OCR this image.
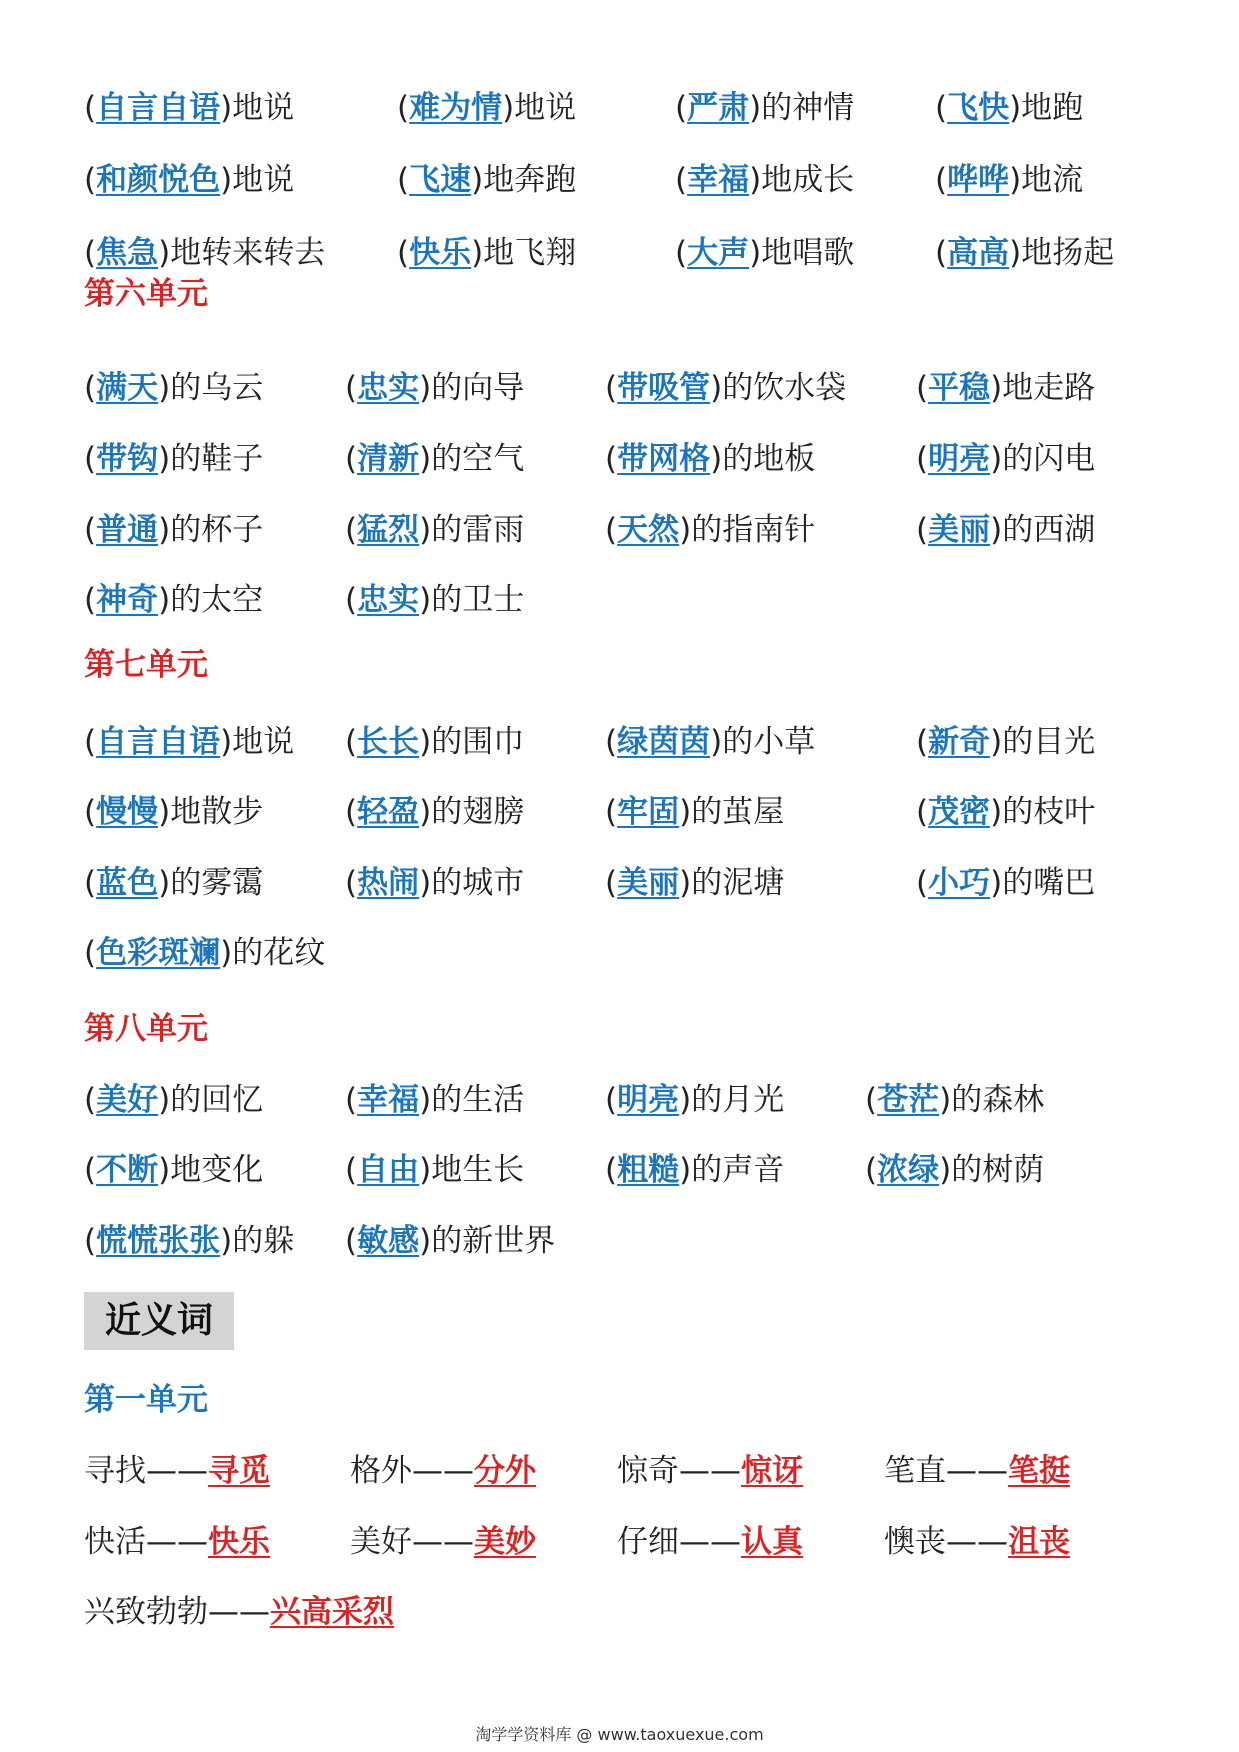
(自言自语)地说	(难为情)地说	(严肃)的神情	(飞快)地跑
(和颜悦色)地说	(飞速)地奔跑	(幸福)地成长	(哗哗)地流
(焦急)地转来转去 (快乐)地飞翔	(大声)地唱歌	(高高)地扬起
第六单元
(满天)的乌云	(忠实)的向导	(带吸管)的饮水袋 (平稳)地走路
(带钩)的鞋子	(清新)的空气	(带网格)的地板	(明亮)的闪电
(普通)的杯子	(猛烈)的雷雨	(天然)的指南针	(美丽)的西湖
(神奇)的太空	(忠实)的卫士
第七单元
(自言自语)地说 (长长)的围巾	(绿茵茵)的小草	(新奇)的目光
(慢慢)地散步	(轻盈)的翅膀	(牢固)的茧屋	(茂密)的枝叶
(蓝色)的雾霭	(热闹)的城市	(美丽)的泥塘	(小巧)的嘴巴
(色彩斑斓)的花纹
第八单元
(美好)的回忆	(幸福)的生活	(明亮)的月光	(苍茫)的森林
(不断)地变化	(自由)地生长	(粗糙)的声音	(浓绿)的树荫
(慌慌张张)的躲 (敏感)的新世界
近义词
第一单元
寻找——寻觅	格外——分外	惊奇——惊讶	笔直——笔挺
快活——快乐	美好——美妙	仔细——认真	懊丧——沮丧
兴致勃勃——兴高采烈
淘学学资料库 @ www.taoxuexue.com
